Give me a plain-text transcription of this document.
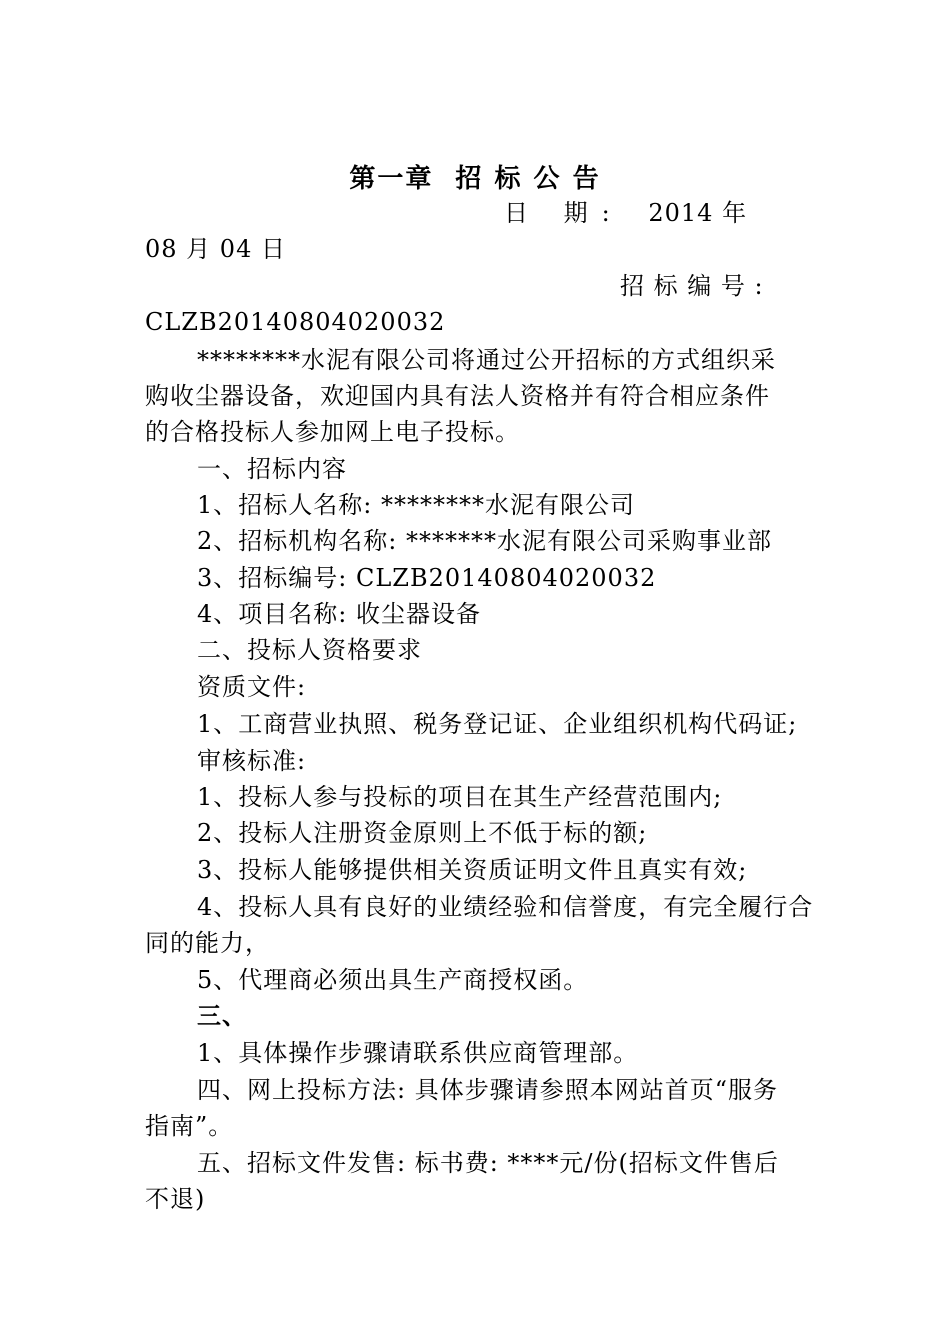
第一章 招 标 公 告
日 期: 2014 年
08 月 04 日
招 标 编 号 :
CLZB20140804020032
********水泥有限公司将通过公开招标的方式组织采
购收尘器设备，欢迎国内具有法人资格并有符合相应条件
的合格投标人参加网上电子投标。
一、招标内容
1、招标人名称: ********水泥有限公司
2、招标机构名称: *******水泥有限公司采购事业部
3、招标编号: CLZB20140804020032
4、项目名称: 收尘器设备
二、投标人资格要求
资质文件:
1、工商营业执照、税务登记证、企业组织机构代码证;
审核标准:
1、投标人参与投标的项目在其生产经营范围内;
2、投标人注册资金原则上不低于标的额;
3、投标人能够提供相关资质证明文件且真实有效;
4、投标人具有良好的业绩经验和信誉度，有完全履行合
同的能力，
5、代理商必须出具生产商授权函。
三、
1、具体操作步骤请联系供应商管理部。
四、网上投标方法: 具体步骤请参照本网站首页“服务
指南”。
五、招标文件发售: 标书费: ****元/份(招标文件售后
不退)
